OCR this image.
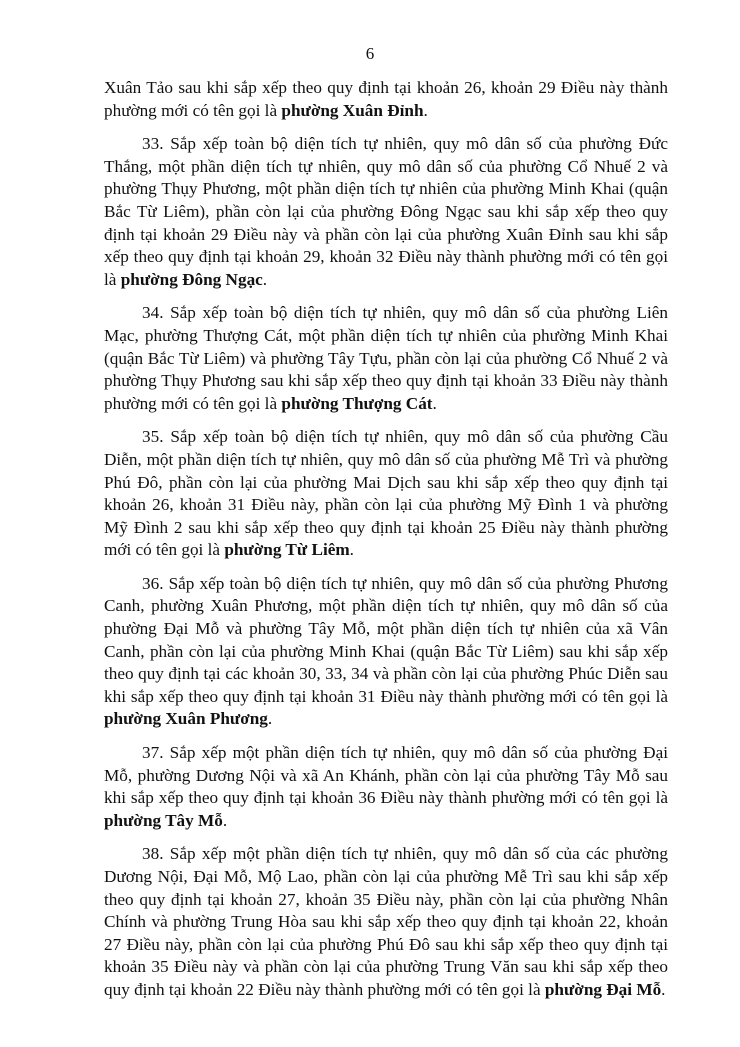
6

Xuân Tảo sau khi sắp xếp theo quy định tại khoản 26, khoản 29 Điều này thành phường mới có tên gọi là phường Xuân Đỉnh.

33. Sắp xếp toàn bộ diện tích tự nhiên, quy mô dân số của phường Đức Thắng, một phần diện tích tự nhiên, quy mô dân số của phường Cổ Nhuế 2 và phường Thụy Phương, một phần diện tích tự nhiên của phường Minh Khai (quận Bắc Từ Liêm), phần còn lại của phường Đông Ngạc sau khi sắp xếp theo quy định tại khoản 29 Điều này và phần còn lại của phường Xuân Đỉnh sau khi sắp xếp theo quy định tại khoản 29, khoản 32 Điều này thành phường mới có tên gọi là phường Đông Ngạc.

34. Sắp xếp toàn bộ diện tích tự nhiên, quy mô dân số của phường Liên Mạc, phường Thượng Cát, một phần diện tích tự nhiên của phường Minh Khai (quận Bắc Từ Liêm) và phường Tây Tựu, phần còn lại của phường Cổ Nhuế 2 và phường Thụy Phương sau khi sắp xếp theo quy định tại khoản 33 Điều này thành phường mới có tên gọi là phường Thượng Cát.

35. Sắp xếp toàn bộ diện tích tự nhiên, quy mô dân số của phường Cầu Diễn, một phần diện tích tự nhiên, quy mô dân số của phường Mễ Trì và phường Phú Đô, phần còn lại của phường Mai Dịch sau khi sắp xếp theo quy định tại khoản 26, khoản 31 Điều này, phần còn lại của phường Mỹ Đình 1 và phường Mỹ Đình 2 sau khi sắp xếp theo quy định tại khoản 25 Điều này thành phường mới có tên gọi là phường Từ Liêm.

36. Sắp xếp toàn bộ diện tích tự nhiên, quy mô dân số của phường Phương Canh, phường Xuân Phương, một phần diện tích tự nhiên, quy mô dân số của phường Đại Mỗ và phường Tây Mỗ, một phần diện tích tự nhiên của xã Vân Canh, phần còn lại của phường Minh Khai (quận Bắc Từ Liêm) sau khi sắp xếp theo quy định tại các khoản 30, 33, 34 và phần còn lại của phường Phúc Diễn sau khi sắp xếp theo quy định tại khoản 31 Điều này thành phường mới có tên gọi là phường Xuân Phương.

37. Sắp xếp một phần diện tích tự nhiên, quy mô dân số của phường Đại Mỗ, phường Dương Nội và xã An Khánh, phần còn lại của phường Tây Mỗ sau khi sắp xếp theo quy định tại khoản 36 Điều này thành phường mới có tên gọi là phường Tây Mỗ.

38. Sắp xếp một phần diện tích tự nhiên, quy mô dân số của các phường Dương Nội, Đại Mỗ, Mộ Lao, phần còn lại của phường Mễ Trì sau khi sắp xếp theo quy định tại khoản 27, khoản 35 Điều này, phần còn lại của phường Nhân Chính và phường Trung Hòa sau khi sắp xếp theo quy định tại khoản 22, khoản 27 Điều này, phần còn lại của phường Phú Đô sau khi sắp xếp theo quy định tại khoản 35 Điều này và phần còn lại của phường Trung Văn sau khi sắp xếp theo quy định tại khoản 22 Điều này thành phường mới có tên gọi là phường Đại Mỗ.
